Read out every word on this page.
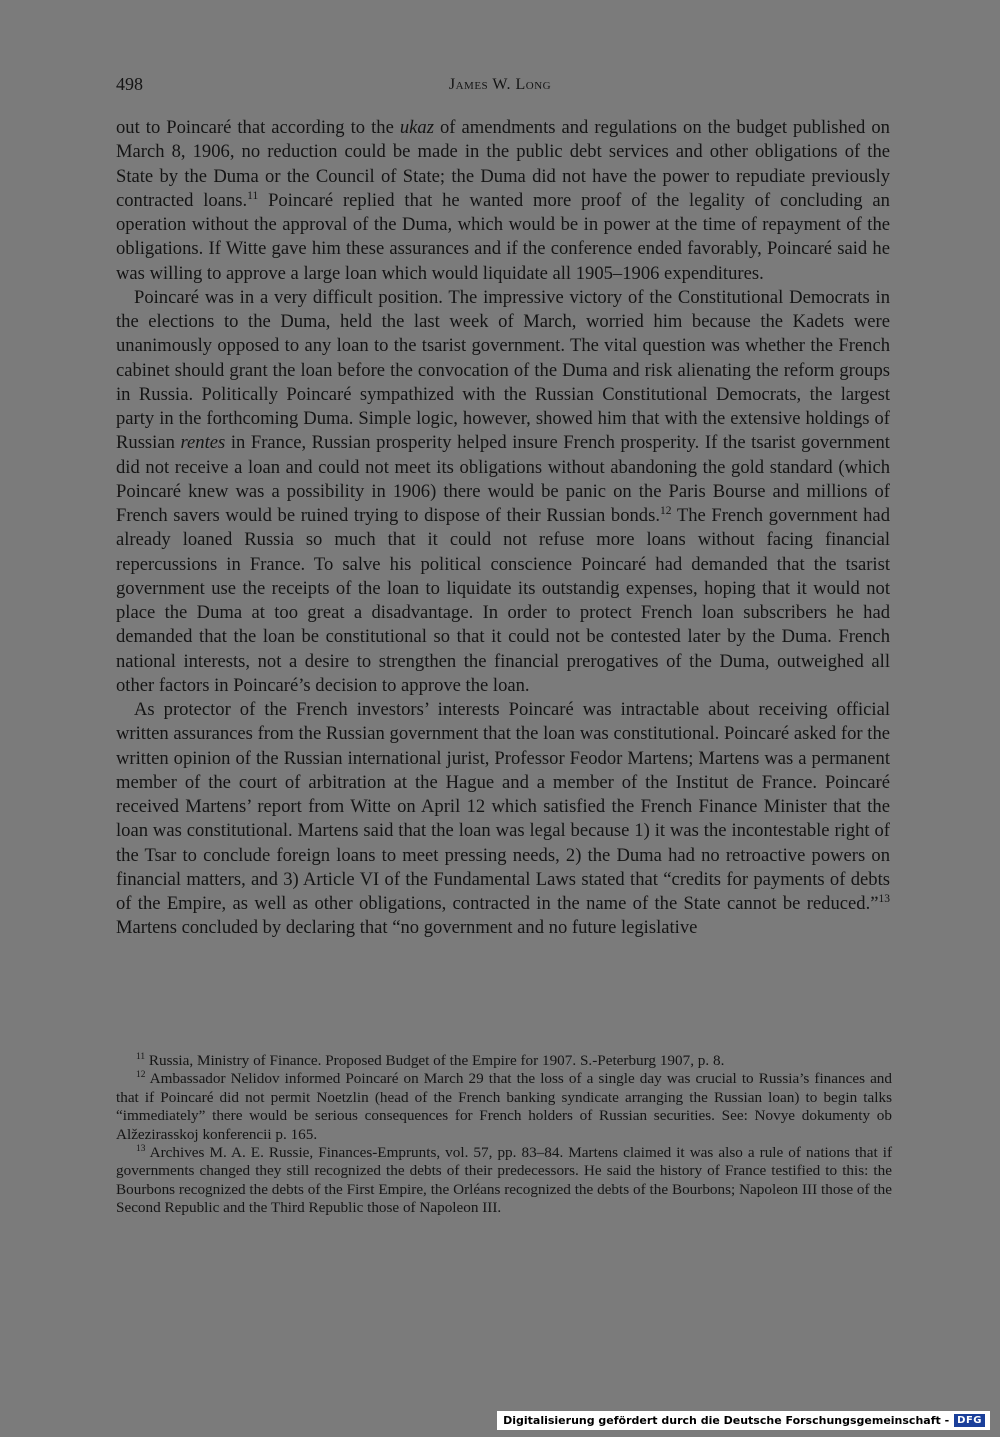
498	James W. Long

out to Poincaré that according to the ukaz of amendments and regulations on the budget published on March 8, 1906, no reduction could be made in the public debt services and other obligations of the State by the Duma or the Council of State; the Duma did not have the power to repudiate previously contracted loans.$^{11}$ Poincaré replied that he wanted more proof of the legality of concluding an operation without the approval of the Duma, which would be in power at the time of repayment of the obligations. If Witte gave him these assurances and if the conference ended favorably, Poincaré said he was willing to approve a large loan which would liquidate all 1905–1906 expenditures.

Poincaré was in a very difficult position. The impressive victory of the Constitutional Democrats in the elections to the Duma, held the last week of March, worried him because the Kadets were unanimously opposed to any loan to the tsarist government. The vital question was whether the French cabinet should grant the loan before the convocation of the Duma and risk alienating the reform groups in Russia. Politically Poincaré sympathized with the Russian Constitutional Democrats, the largest party in the forthcoming Duma. Simple logic, however, showed him that with the extensive holdings of Russian rentes in France, Russian prosperity helped insure French prosperity. If the tsarist government did not receive a loan and could not meet its obligations without abandoning the gold standard (which Poincaré knew was a possibility in 1906) there would be panic on the Paris Bourse and millions of French savers would be ruined trying to dispose of their Russian bonds.$^{12}$ The French government had already loaned Russia so much that it could not refuse more loans without facing financial repercussions in France. To salve his political conscience Poincaré had demanded that the tsarist government use the receipts of the loan to liquidate its outstandig expenses, hoping that it would not place the Duma at too great a disadvantage. In order to protect French loan subscribers he had demanded that the loan be constitutional so that it could not be contested later by the Duma. French national interests, not a desire to strengthen the financial prerogatives of the Duma, outweighed all other factors in Poincaré’s decision to approve the loan.

As protector of the French investors’ interests Poincaré was intractable about receiving official written assurances from the Russian government that the loan was constitutional. Poincaré asked for the written opinion of the Russian international jurist, Professor Feodor Martens; Martens was a permanent member of the court of arbitration at the Hague and a member of the Institut de France. Poincaré received Martens’ report from Witte on April 12 which satisfied the French Finance Minister that the loan was constitutional. Martens said that the loan was legal because 1) it was the incontestable right of the Tsar to conclude foreign loans to meet pressing needs, 2) the Duma had no retroactive powers on financial matters, and 3) Article VI of the Fundamental Laws stated that “credits for payments of debts of the Empire, as well as other obligations, contracted in the name of the State cannot be reduced.”$^{13}$ Martens concluded by declaring that “no government and no future legislative

$^{11}$ Russia, Ministry of Finance. Proposed Budget of the Empire for 1907. S.-Peterburg 1907, p. 8.

$^{12}$ Ambassador Nelidov informed Poincaré on March 29 that the loss of a single day was crucial to Russia’s finances and that if Poincaré did not permit Noetzlin (head of the French banking syndicate arranging the Russian loan) to begin talks “immediately” there would be serious consequences for French holders of Russian securities. See: Novye dokumenty ob Alžezirasskoj konferencii p. 165.

$^{13}$ Archives M. A. E. Russie, Finances-Emprunts, vol. 57, pp. 83–84. Martens claimed it was also a rule of nations that if governments changed they still recognized the debts of their predecessors. He said the history of France testified to this: the Bourbons recognized the debts of the First Empire, the Orléans recognized the debts of the Bourbons; Napoleon III those of the Second Republic and the Third Republic those of Napoleon III.

Digitalisierung gefördert durch die Deutsche Forschungsgemeinschaft - DFG
